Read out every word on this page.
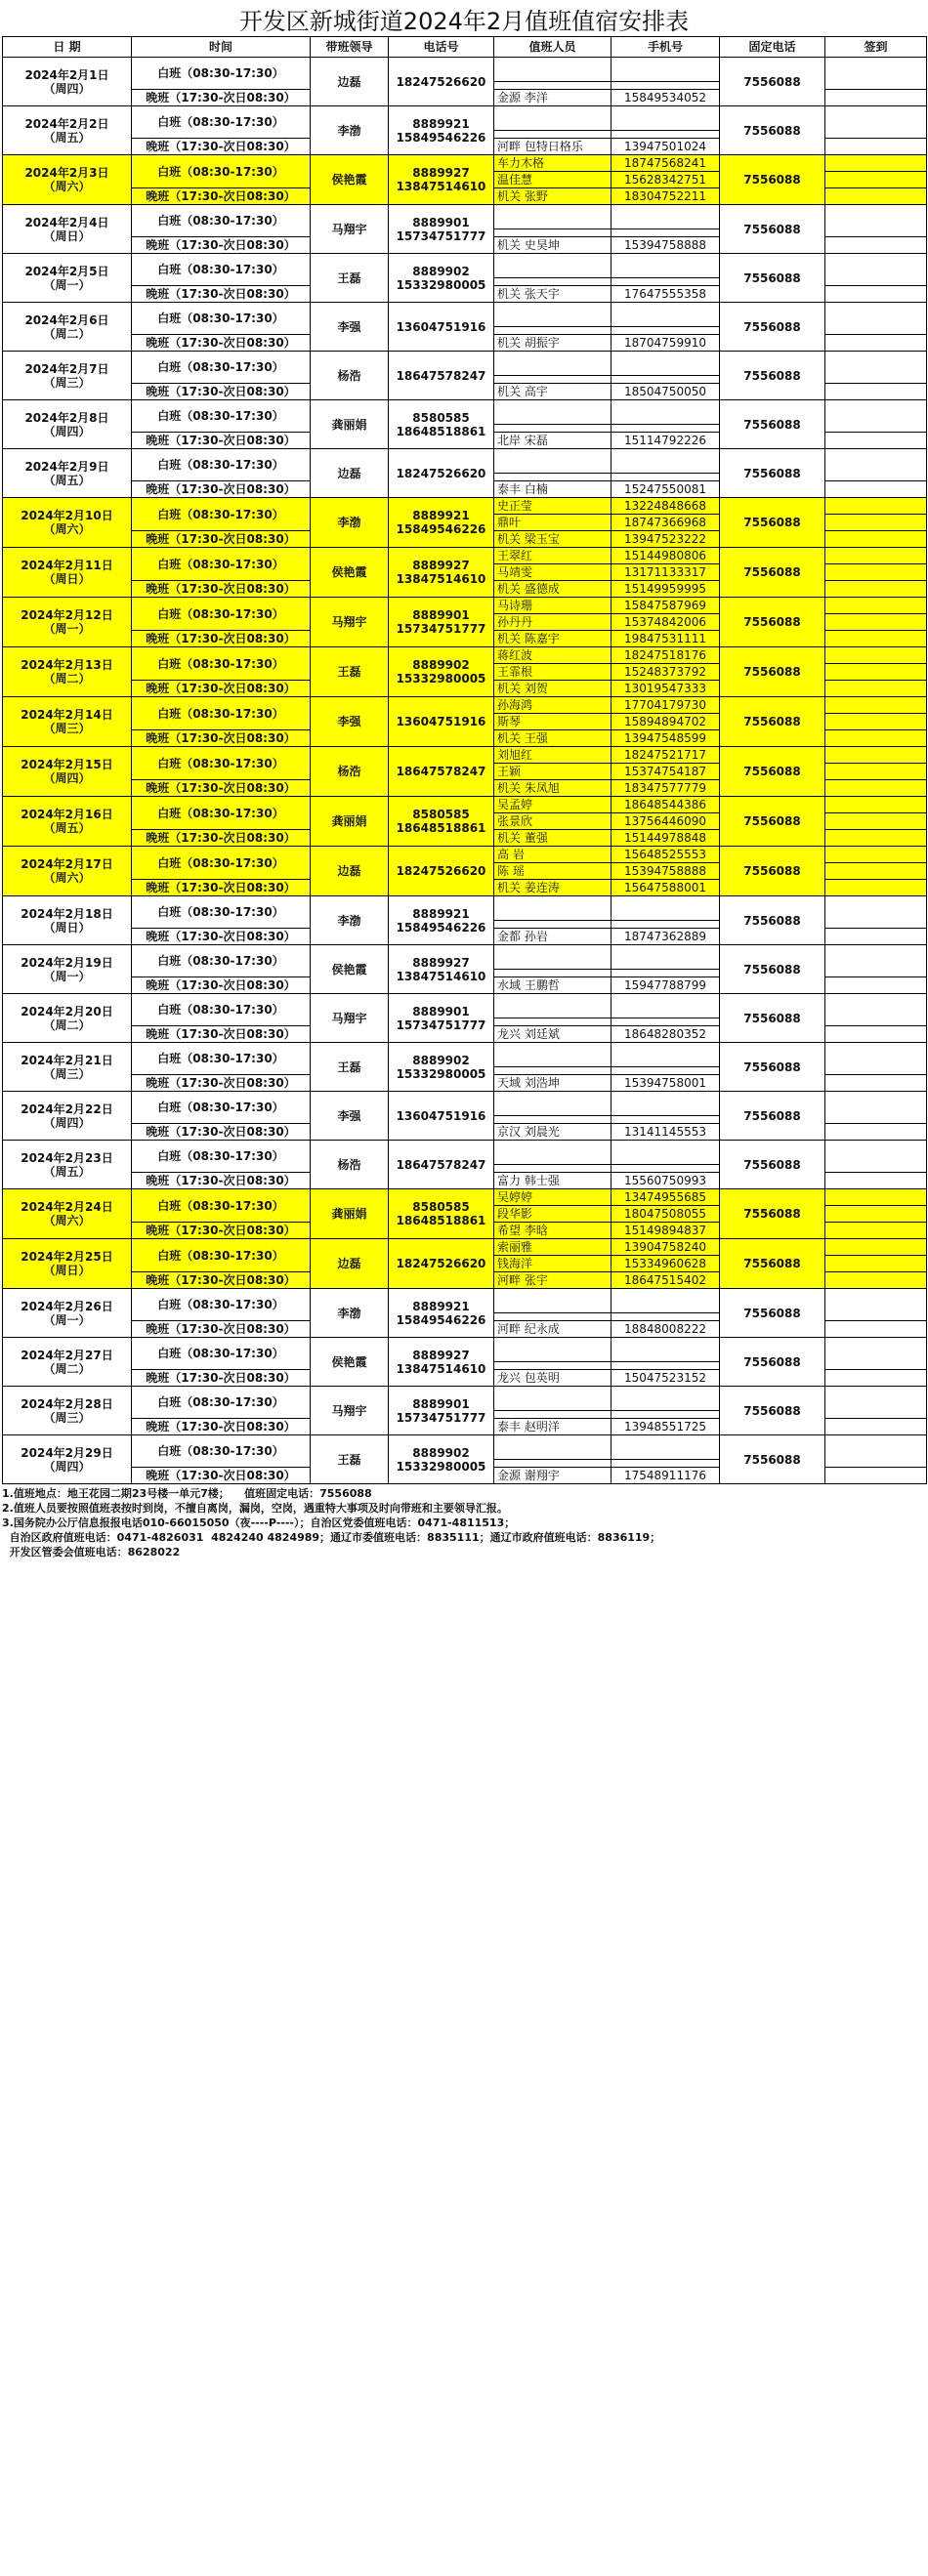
开发区新城街道2024年2月值班值宿安排表
日 期	时间	带班领导	电话号	值班人员	手机号	固定电话	签到

2024年2月1日
（周四）	白班（08:30-17:30）	边磊	18247526620			7556088	
	晚班（17:30-次日08:30）			金源 李洋	15849534052		

2024年2月2日
（周五）	白班（08:30-17:30）	李渤	8889921
15849546226			7556088	
	晚班（17:30-次日08:30）			河畔 包特日格乐	13947501024		

2024年2月3日
（周六）	白班（08:30-17:30）	侯艳霞	8889927
13847514610	车力木格	18747568241	7556088	
				温佳慧	15628342751		
	晚班（17:30-次日08:30）			机关 张野	18304752211		

2024年2月4日
（周日）	白班（08:30-17:30）	马翔宇	8889901
15734751777			7556088	
	晚班（17:30-次日08:30）			机关 史昊坤	15394758888		

2024年2月5日
（周一）	白班（08:30-17:30）	王磊	8889902
15332980005			7556088	
	晚班（17:30-次日08:30）			机关 张天宇	17647555358		

2024年2月6日
（周二）	白班（08:30-17:30）	李强	13604751916			7556088	
	晚班（17:30-次日08:30）			机关 胡振宇	18704759910		

2024年2月7日
（周三）	白班（08:30-17:30）	杨浩	18647578247			7556088	
	晚班（17:30-次日08:30）			机关 高宇	18504750050		

2024年2月8日
（周四）	白班（08:30-17:30）	龚丽娟	8580585
18648518861			7556088	
	晚班（17:30-次日08:30）			北岸 宋磊	15114792226		

2024年2月9日
（周五）	白班（08:30-17:30）	边磊	18247526620			7556088	
	晚班（17:30-次日08:30）			泰丰 白楠	15247550081		

2024年2月10日
（周六）	白班（08:30-17:30）	李渤	8889921
15849546226	史正莹	13224848668	7556088	
				鼎叶	18747366968		
	晚班（17:30-次日08:30）			机关 梁玉宝	13947523222		

2024年2月11日
（周日）	白班（08:30-17:30）	侯艳霞	8889927
13847514610	王翠红	15144980806	7556088	
				马靖雯	13171133317		
	晚班（17:30-次日08:30）			机关 盛德成	15149959995		

2024年2月12日
（周一）	白班（08:30-17:30）	马翔宇	8889901
15734751777	马诗珊	15847587969	7556088	
				孙丹丹	15374842006		
	晚班（17:30-次日08:30）			机关 陈嘉宇	19847531111		

2024年2月13日
（周二）	白班（08:30-17:30）	王磊	8889902
15332980005	蒋红波	18247518176	7556088	
				王霏根	15248373792		
	晚班（17:30-次日08:30）			机关 刘贺	13019547333		

2024年2月14日
（周三）	白班（08:30-17:30）	李强	13604751916	孙海鸿	17704179730	7556088	
				斯琴	15894894702		
	晚班（17:30-次日08:30）			机关 王强	13947548599		

2024年2月15日
（周四）	白班（08:30-17:30）	杨浩	18647578247	刘旭红	18247521717	7556088	
				王颖	15374754187		
	晚班（17:30-次日08:30）			机关 朱凤旭	18347577779		

2024年2月16日
（周五）	白班（08:30-17:30）	龚丽娟	8580585
18648518861	吴孟婷	18648544386	7556088	
				张景欣	13756446090		
	晚班（17:30-次日08:30）			机关 董强	15144978848		

2024年2月17日
（周六）	白班（08:30-17:30）	边磊	18247526620	高 岩	15648525553	7556088	
				陈 瑶	15394758888		
	晚班（17:30-次日08:30）			机关 姜连涛	15647588001		

2024年2月18日
（周日）	白班（08:30-17:30）	李渤	8889921
15849546226			7556088	
	晚班（17:30-次日08:30）			金都 孙岩	18747362889		

2024年2月19日
（周一）	白班（08:30-17:30）	侯艳霞	8889927
13847514610			7556088	
	晚班（17:30-次日08:30）			水域 王鹏哲	15947788799		

2024年2月20日
（周二）	白班（08:30-17:30）	马翔宇	8889901
15734751777			7556088	
	晚班（17:30-次日08:30）			龙兴 刘廷斌	18648280352		

2024年2月21日
（周三）	白班（08:30-17:30）	王磊	8889902
15332980005			7556088	
	晚班（17:30-次日08:30）			天域 刘浩坤	15394758001		

2024年2月22日
（周四）	白班（08:30-17:30）	李强	13604751916			7556088	
	晚班（17:30-次日08:30）			京汉 刘晨光	13141145553		

2024年2月23日
（周五）	白班（08:30-17:30）	杨浩	18647578247			7556088	
	晚班（17:30-次日08:30）			富力 韩士强	15560750993		

2024年2月24日
（周六）	白班（08:30-17:30）	龚丽娟	8580585
18648518861	吴婷婷	13474955685	7556088	
				段华影	18047508055		
	晚班（17:30-次日08:30）			希望 李晗	15149894837		

2024年2月25日
（周日）	白班（08:30-17:30）	边磊	18247526620	索丽雅	13904758240	7556088	
				钱海洋	15334960628		
	晚班（17:30-次日08:30）			河畔 张宇	18647515402		

2024年2月26日
（周一）	白班（08:30-17:30）	李渤	8889921
15849546226			7556088	
	晚班（17:30-次日08:30）			河畔 纪永成	18848008222		

2024年2月27日
（周二）	白班（08:30-17:30）	侯艳霞	8889927
13847514610			7556088	
	晚班（17:30-次日08:30）			龙兴 包英明	15047523152		

2024年2月28日
（周三）	白班（08:30-17:30）	马翔宇	8889901
15734751777			7556088	
	晚班（17:30-次日08:30）			泰丰 赵明洋	13948551725		

2024年2月29日
（周四）	白班（08:30-17:30）	王磊	8889902
15332980005			7556088	
	晚班（17:30-次日08:30）			金源 谢翔宇	17548911176		
1.值班地点：地王花园二期23号楼一单元7楼；    值班固定电话：7556088
2.值班人员要按照值班表按时到岗，不擅自离岗，漏岗，空岗，遇重特大事项及时向带班和主要领导汇报。
3.国务院办公厅信息报报电话010-66015050（夜----P----）；自治区党委值班电话：0471-4811513；
自治区政府值班电话：0471-4826031  4824240 4824989；通辽市委值班电话：8835111；通辽市政府值班电话：8836119；
开发区管委会值班电话：8628022
